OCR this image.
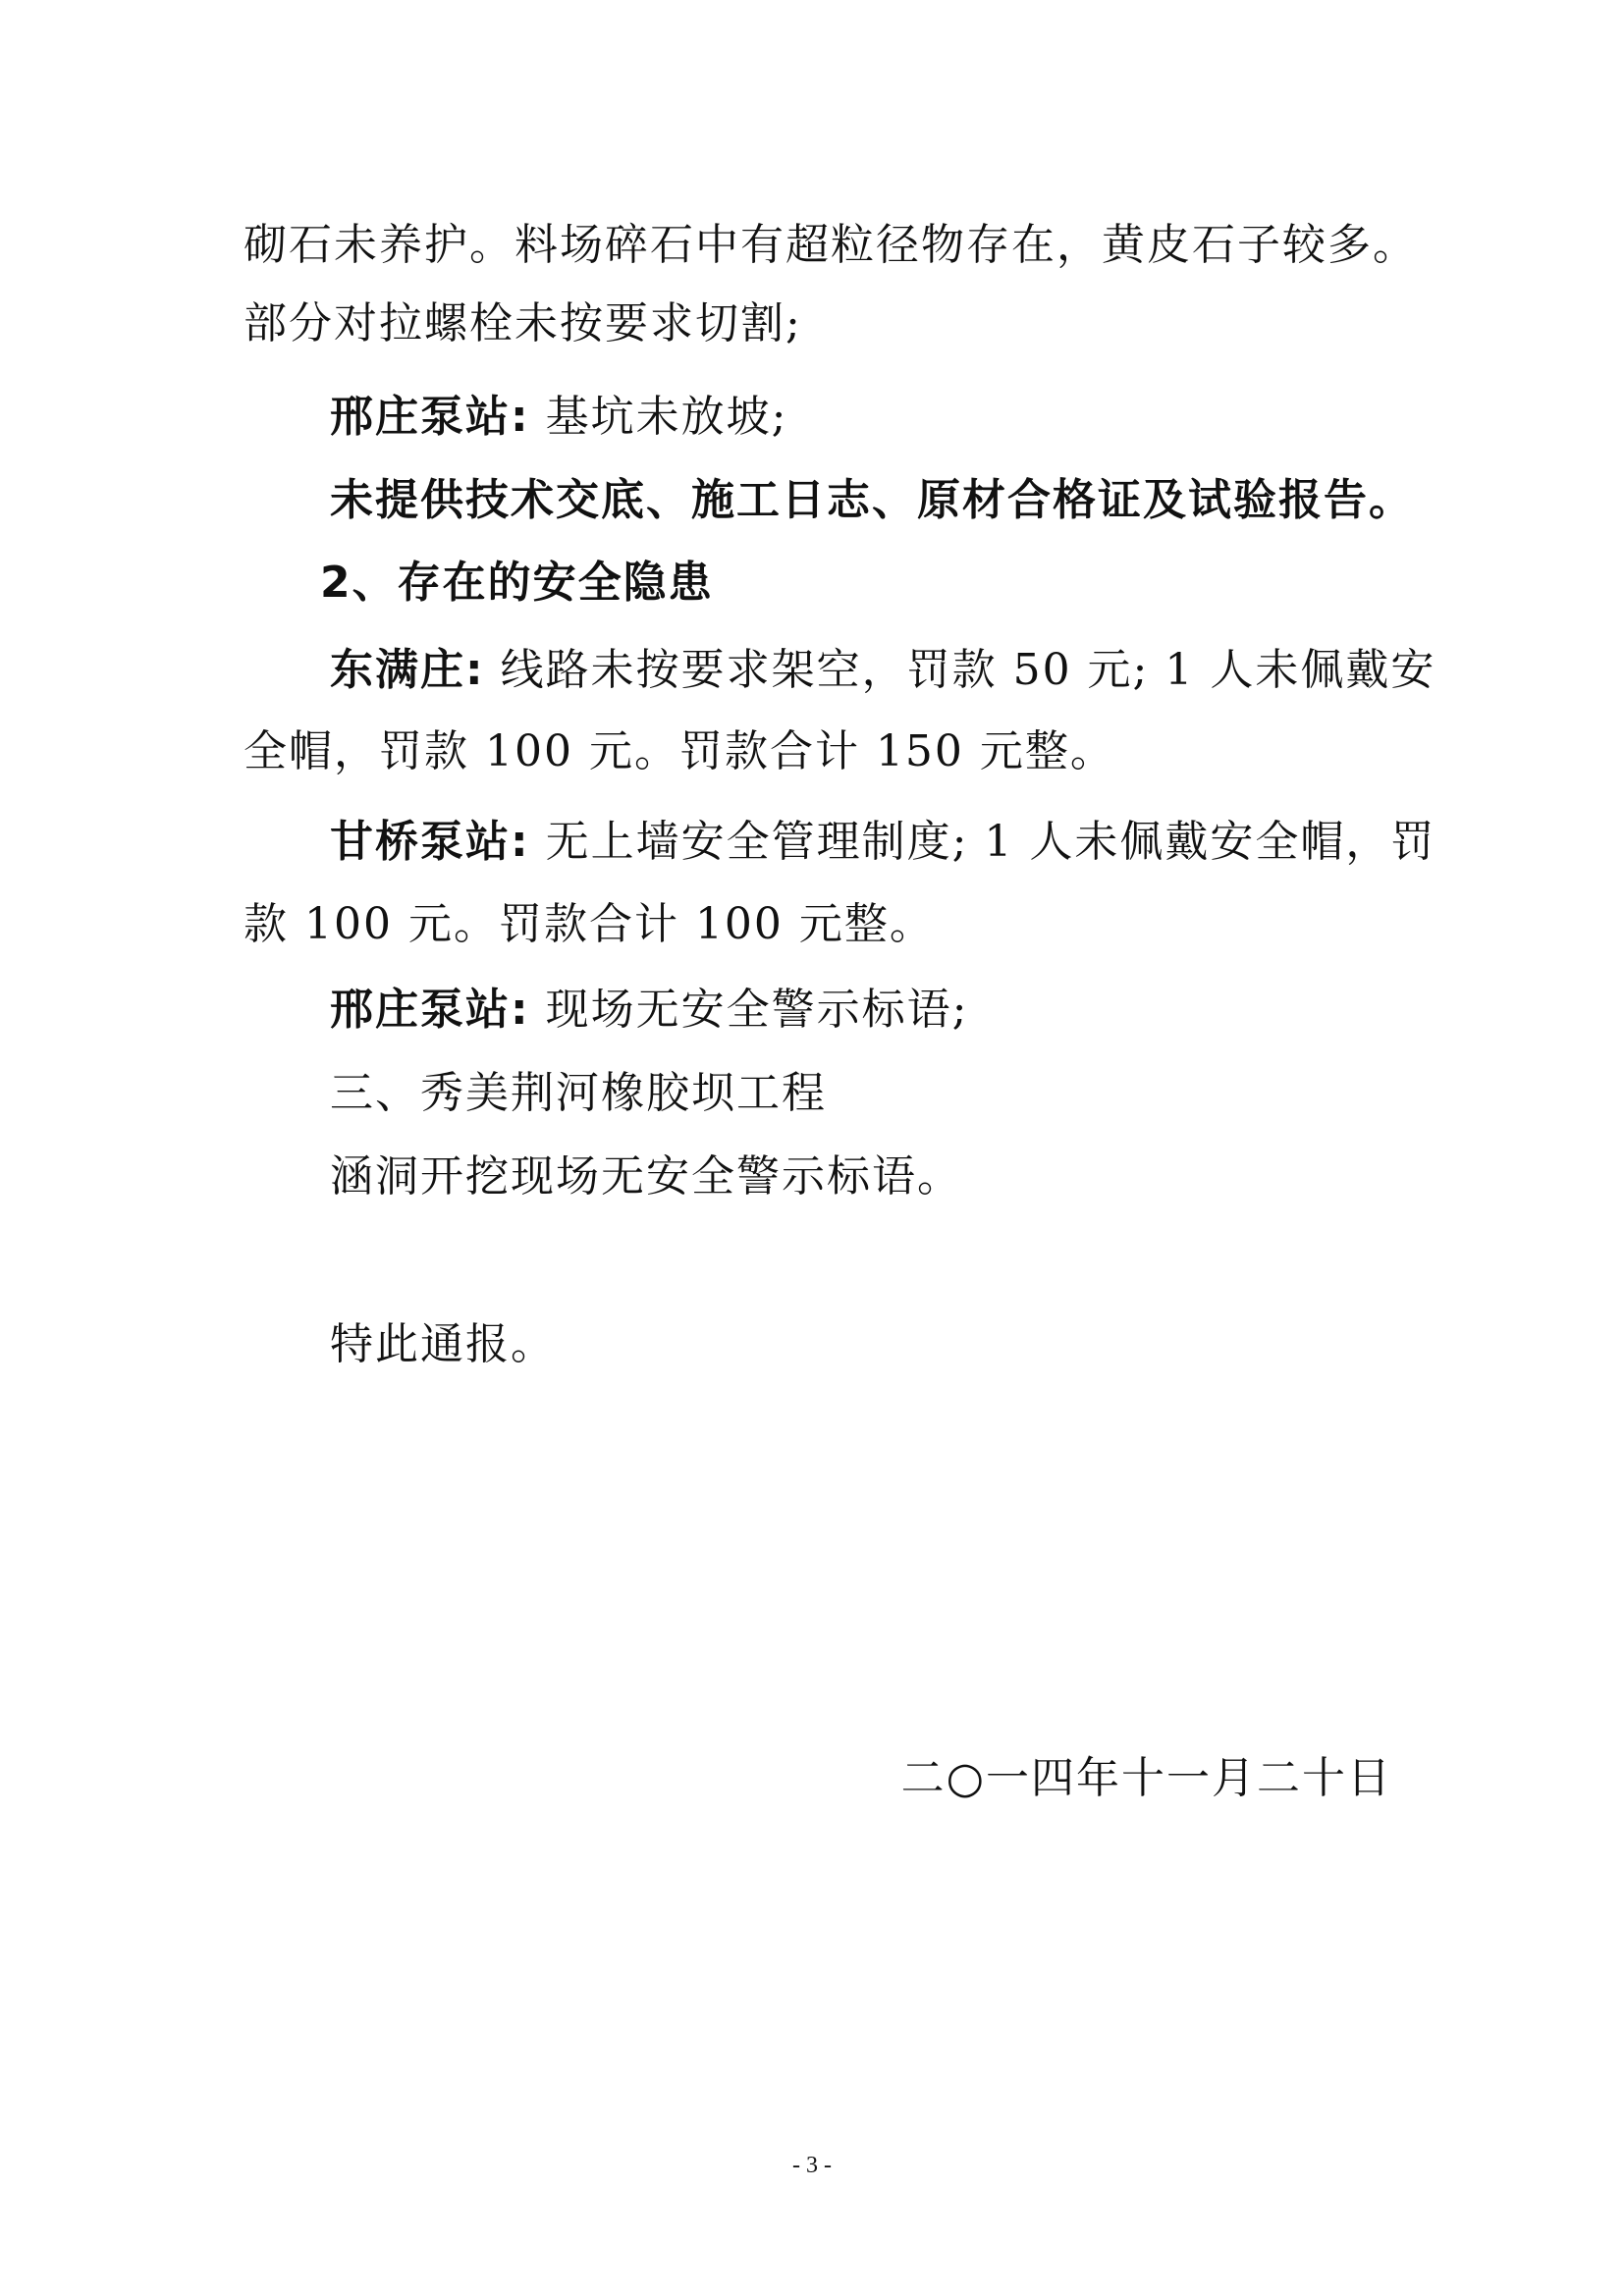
砌石未养护。料场碎石中有超粒径物存在，黄皮石子较多。
部分对拉螺栓未按要求切割;
邢庄泵站: 基坑未放坡;
未提供技术交底、施工日志、原材合格证及试验报告。
2、存在的安全隐患
东满庄: 线路未按要求架空，罚款 50 元; 1 人未佩戴安
全帽，罚款 100 元。罚款合计 150 元整。
甘桥泵站: 无上墙安全管理制度; 1 人未佩戴安全帽，罚
款 100 元。罚款合计 100 元整。
邢庄泵站: 现场无安全警示标语;
三、秀美荆河橡胶坝工程
涵洞开挖现场无安全警示标语。
特此通报。
二○一四年十一月二十日
- 3 -
